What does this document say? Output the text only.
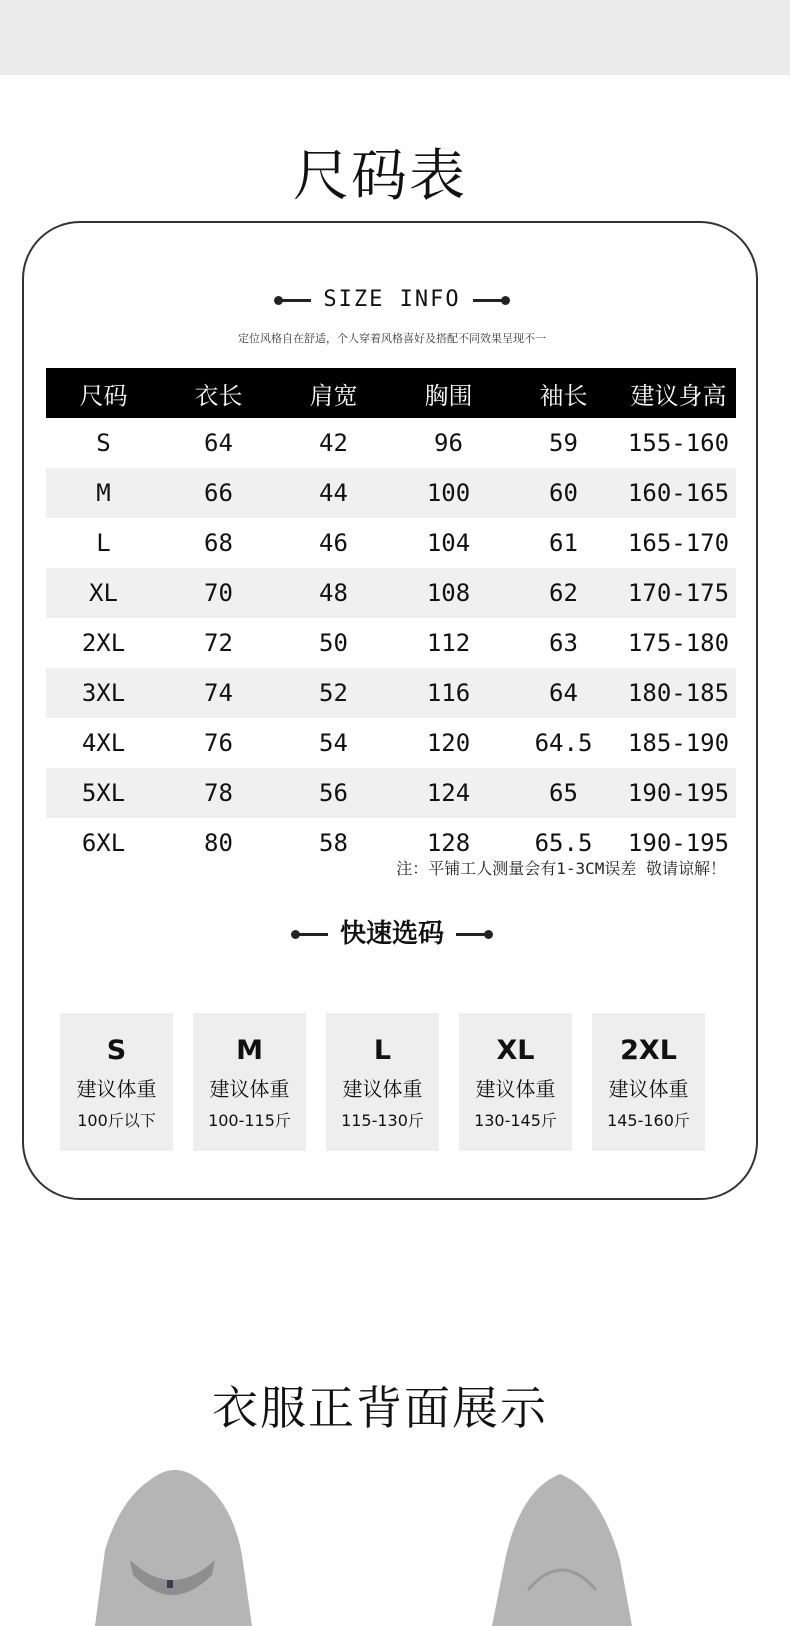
尺码表
SIZE INFO
定位风格自在舒适，个人穿着风格喜好及搭配不同效果呈现不一
尺码	衣长	肩宽	胸围	袖长	建议身高
S	64	42	96	59	155-160
M	66	44	100	60	160-165
L	68	46	104	61	165-170
XL	70	48	108	62	170-175
2XL	72	50	112	63	175-180
3XL	74	52	116	64	180-185
4XL	76	54	120	64.5	185-190
5XL	78	56	124	65	190-195
6XL	80	58	128	65.5	190-195
注：平铺工人测量会有1-3CM误差 敬请谅解！
快速选码
S
建议体重
100斤以下
M
建议体重
100-115斤
L
建议体重
115-130斤
XL
建议体重
130-145斤
2XL
建议体重
145-160斤
衣服正背面展示
